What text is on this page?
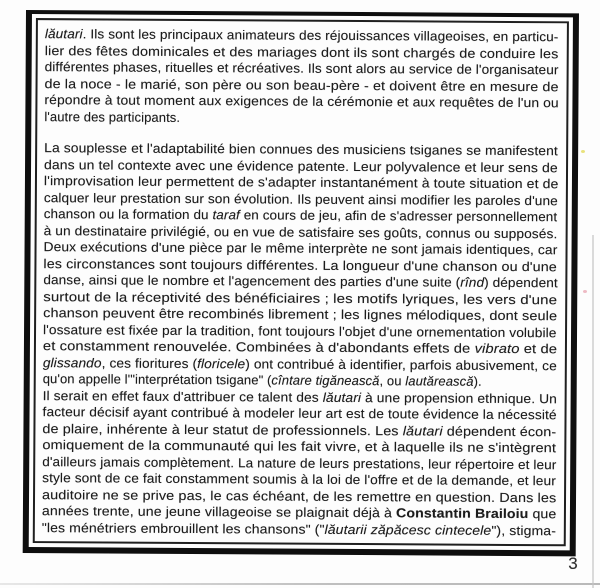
lăutari. Ils sont les principaux animateurs des réjouissances villageoises, en particu-
lier des fêtes dominicales et des mariages dont ils sont chargés de conduire les
différentes phases, rituelles et récréatives. Ils sont alors au service de l'organisateur
de la noce - le marié, son père ou son beau-père - et doivent être en mesure de
répondre à tout moment aux exigences de la cérémonie et aux requêtes de l'un ou
l'autre des participants.
La souplesse et l'adaptabilité bien connues des musiciens tsiganes se manifestent
dans un tel contexte avec une évidence patente. Leur polyvalence et leur sens de
l'improvisation leur permettent de s'adapter instantanément à toute situation et de
calquer leur prestation sur son évolution. Ils peuvent ainsi modifier les paroles d'une
chanson ou la formation du taraf en cours de jeu, afin de s'adresser personnellement
à un destinataire privilégié, ou en vue de satisfaire ses goûts, connus ou supposés.
Deux exécutions d'une pièce par le même interprète ne sont jamais identiques, car
les circonstances sont toujours différentes. La longueur d'une chanson ou d'une
danse, ainsi que le nombre et l'agencement des parties d'une suite (rînd) dépendent
surtout de la réceptivité des bénéficiaires ; les motifs lyriques, les vers d'une
chanson peuvent être recombinés librement ; les lignes mélodiques, dont seule
l'ossature est fixée par la tradition, font toujours l'objet d'une ornementation volubile
et constamment renouvelée. Combinées à d'abondants effets de vibrato et de
glissando, ces fioritures (floricele) ont contribué à identifier, parfois abusivement, ce
qu'on appelle l'"interprétation tsigane" (cîntare tigănească, ou lautărească).
Il serait en effet faux d'attribuer ce talent des lăutari à une propension ethnique. Un
facteur décisif ayant contribué à modeler leur art est de toute évidence la nécessité
de plaire, inhérente à leur statut de professionnels. Les lăutari dépendent écon-
omiquement de la communauté qui les fait vivre, et à laquelle ils ne s'intègrent
d'ailleurs jamais complètement. La nature de leurs prestations, leur répertoire et leur
style sont de ce fait constamment soumis à la loi de l'offre et de la demande, et leur
auditoire ne se prive pas, le cas échéant, de les remettre en question. Dans les
années trente, une jeune villageoise se plaignait déjà à Constantin Brailoiu que
"les ménétriers embrouillent les chansons" ("lăutarii zăpăcesc cintecele"), stigma-
3
